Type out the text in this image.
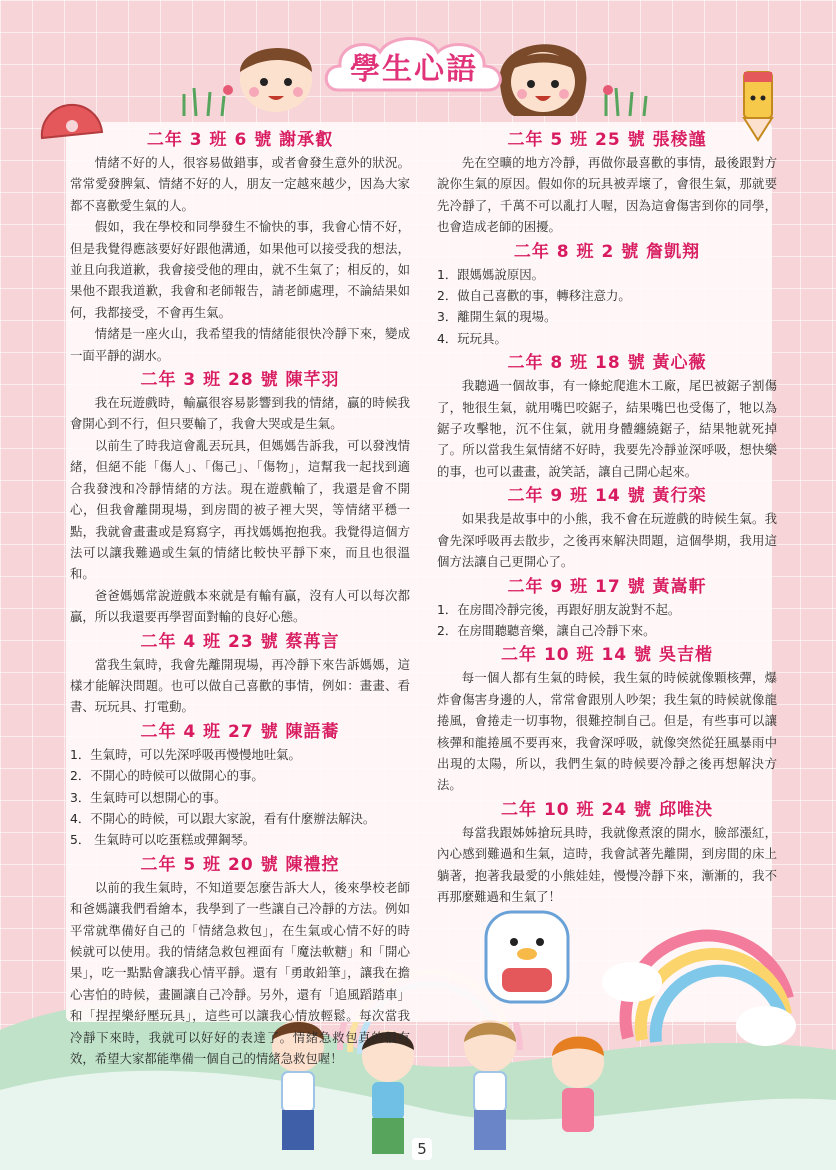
學生心語
二年 3 班 6 號 謝承叡

情緒不好的人，很容易做錯事，或者會發生意外的狀況。常常愛發脾氣、情緒不好的人，朋友一定越來越少，因為大家都不喜歡愛生氣的人。

假如，我在學校和同學發生不愉快的事，我會心情不好，但是我覺得應該要好好跟他溝通，如果他可以接受我的想法，並且向我道歉，我會接受他的理由，就不生氣了；相反的，如果他不跟我道歉，我會和老師報告，請老師處理，不論結果如何，我都接受，不會再生氣。

情緒是一座火山，我希望我的情緒能很快冷靜下來，變成一面平靜的湖水。

二年 3 班 28 號 陳芊羽

我在玩遊戲時，輸贏很容易影響到我的情緒，贏的時候我會開心到不行，但只要輸了，我會大哭或是生氣。

以前生了時我這會亂丟玩具，但媽媽告訴我，可以發洩情緒，但絕不能「傷人」、「傷己」、「傷物」，這幫我一起找到適合我發洩和冷靜情緒的方法。現在遊戲輸了，我還是會不開心，但我會離開現場，到房間的被子裡大哭，等情緒平穩一點，我就會畫畫或是寫寫字，再找媽媽抱抱我。我覺得這個方法可以讓我難過或生氣的情緒比較快平靜下來，而且也很溫和。

爸爸媽媽常說遊戲本來就是有輸有贏，沒有人可以每次都贏，所以我還要再學習面對輸的良好心態。

二年 4 班 23 號 蔡苒言

當我生氣時，我會先離開現場，再冷靜下來告訴媽媽，這樣才能解決問題。也可以做自己喜歡的事情，例如：畫畫、看書、玩玩具、打電動。

二年 4 班 27 號 陳語蕎
1．生氣時，可以先深呼吸再慢慢地吐氣。
2．不開心的時候可以做開心的事。
3．生氣時可以想開心的事。
4．不開心的時候，可以跟大家說，看有什麼辦法解決。
5． 生氣時可以吃蛋糕或彈鋼琴。
二年 5 班 20 號 陳禮控

以前的我生氣時，不知道要怎麼告訴大人，後來學校老師和爸媽讓我們看繪本，我學到了一些讓自己冷靜的方法。例如平常就準備好自己的「情緒急救包」，在生氣或心情不好的時候就可以使用。我的情緒急救包裡面有「魔法軟糖」和「開心果」，吃一點點會讓我心情平靜。還有「勇敢鉛筆」，讓我在擔心害怕的時候，畫圖讓自己冷靜。另外，還有「追風蹈踏車」和「捏捏樂紓壓玩具」，這些可以讓我心情放輕鬆。每次當我冷靜下來時，我就可以好好的表達了。情緒急救包真的很有效，希望大家都能準備一個自己的情緒急救包喔！

二年 5 班 25 號 張稜謹

先在空曠的地方冷靜，再做你最喜歡的事情，最後跟對方說你生氣的原因。假如你的玩具被弄壞了，會很生氣，那就要先冷靜了，千萬不可以亂打人喔，因為這會傷害到你的同學，也會造成老師的困擾。

二年 8 班 2 號 詹凱翔
1．跟媽媽說原因。
2．做自己喜歡的事，轉移注意力。
3．離開生氣的現場。
4．玩玩具。
二年 8 班 18 號 黃心薇

我聽過一個故事，有一條蛇爬進木工廠，尾巴被鋸子割傷了，牠很生氣，就用嘴巴咬鋸子，結果嘴巴也受傷了，牠以為鋸子攻擊牠，沉不住氣，就用身體纏繞鋸子，結果牠就死掉了。所以當我生氣情緒不好時，我要先冷靜並深呼吸，想快樂的事，也可以畫畫，說笑話，讓自己開心起來。

二年 9 班 14 號 黃行栾

如果我是故事中的小熊，我不會在玩遊戲的時候生氣。我會先深呼吸再去散步，之後再來解決問題，這個學期，我用這個方法讓自己更開心了。

二年 9 班 17 號 黃嵩軒
1．在房間冷靜完後，再跟好朋友說對不起。
2．在房間聽聽音樂，讓自己冷靜下來。
二年 10 班 14 號 吳吉楷

每一個人都有生氣的時候，我生氣的時候就像顆核彈，爆炸會傷害身邊的人，常常會跟別人吵架；我生氣的時候就像龍捲風，會捲走一切事物，很難控制自己。但是，有些事可以讓核彈和龍捲風不要再來，我會深呼吸，就像突然從狂風暴雨中出現的太陽，所以，我們生氣的時候要冷靜之後再想解決方法。

二年 10 班 24 號 邱唯決

每當我跟姊姊搶玩具時，我就像煮滾的開水，臉部漲紅，內心感到難過和生氣，這時，我會試著先離開，到房間的床上躺著，抱著我最愛的小熊娃娃，慢慢冷靜下來，漸漸的，我不再那麼難過和生氣了！

5
